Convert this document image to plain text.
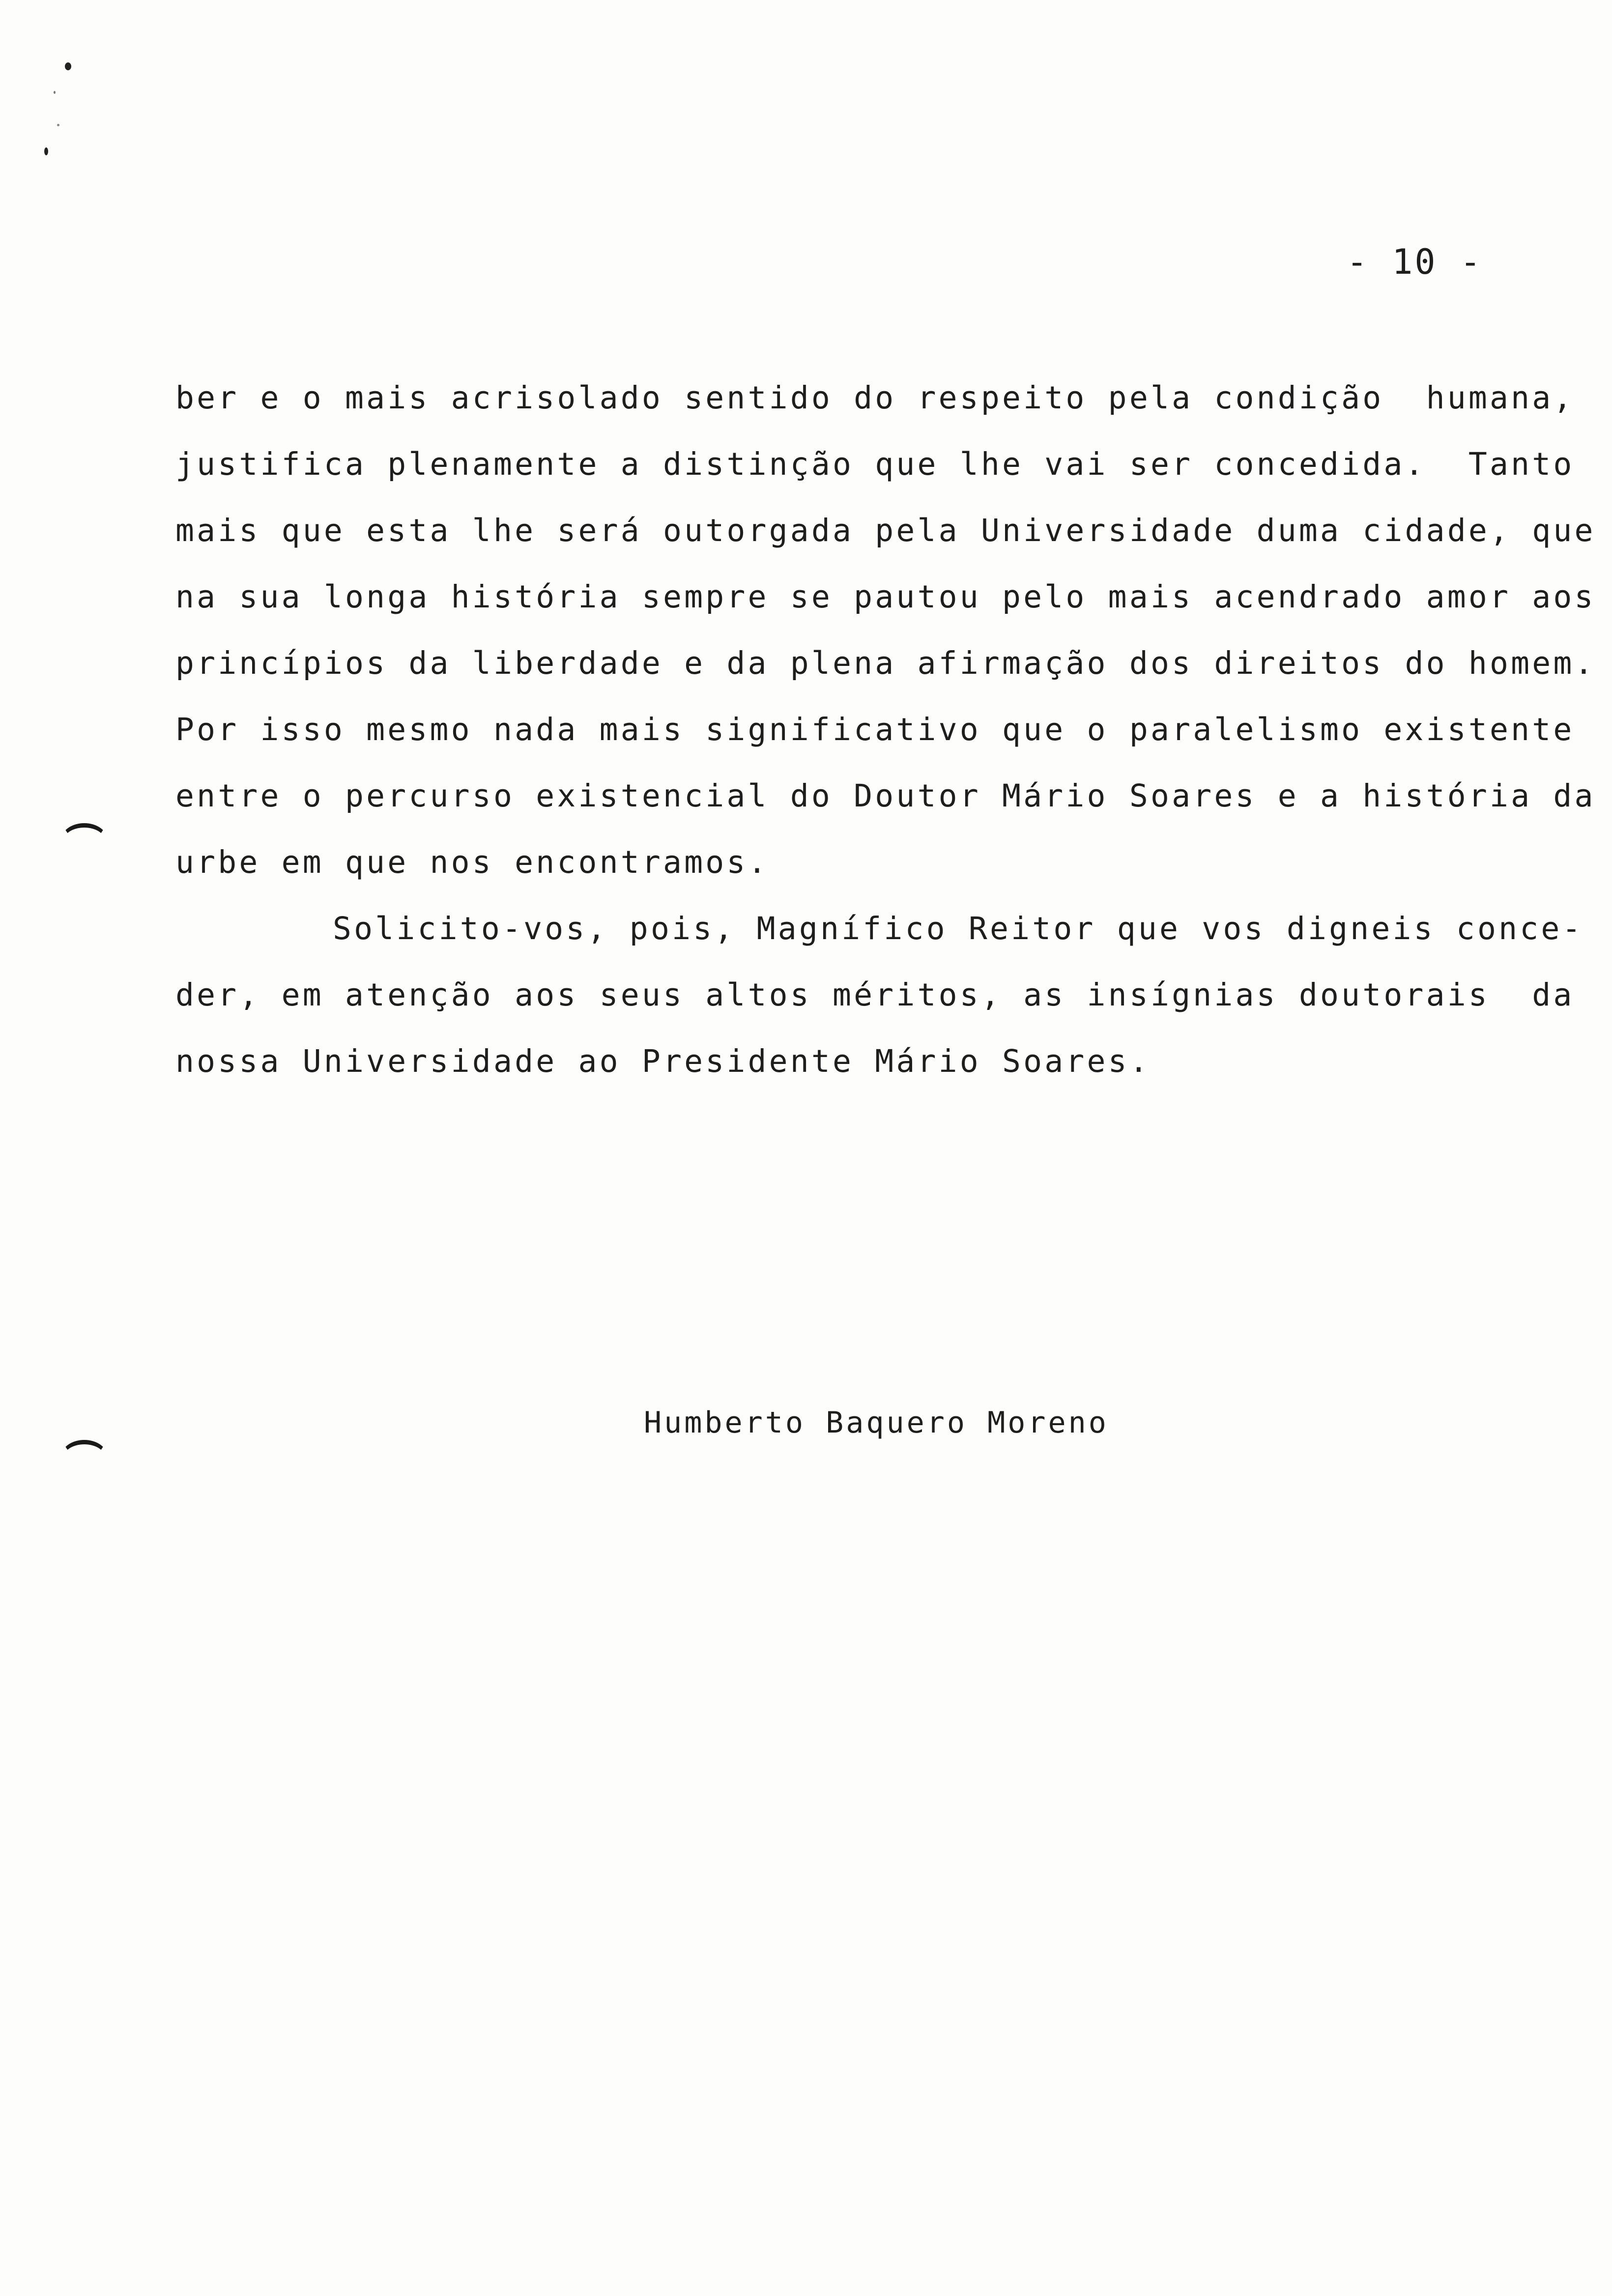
- 10 -
ber e o mais acrisolado sentido do respeito pela condição  humana,
justifica plenamente a distinção que lhe vai ser concedida.  Tanto
mais que esta lhe será outorgada pela Universidade duma cidade, que
na sua longa história sempre se pautou pelo mais acendrado amor aos
princípios da liberdade e da plena afirmação dos direitos do homem.
Por isso mesmo nada mais significativo que o paralelismo existente
entre o percurso existencial do Doutor Mário Soares e a história da
urbe em que nos encontramos.
Solicito-vos, pois, Magnífico Reitor que vos digneis conce-
der, em atenção aos seus altos méritos, as insígnias doutorais  da
nossa Universidade ao Presidente Mário Soares.
Humberto Baquero Moreno
